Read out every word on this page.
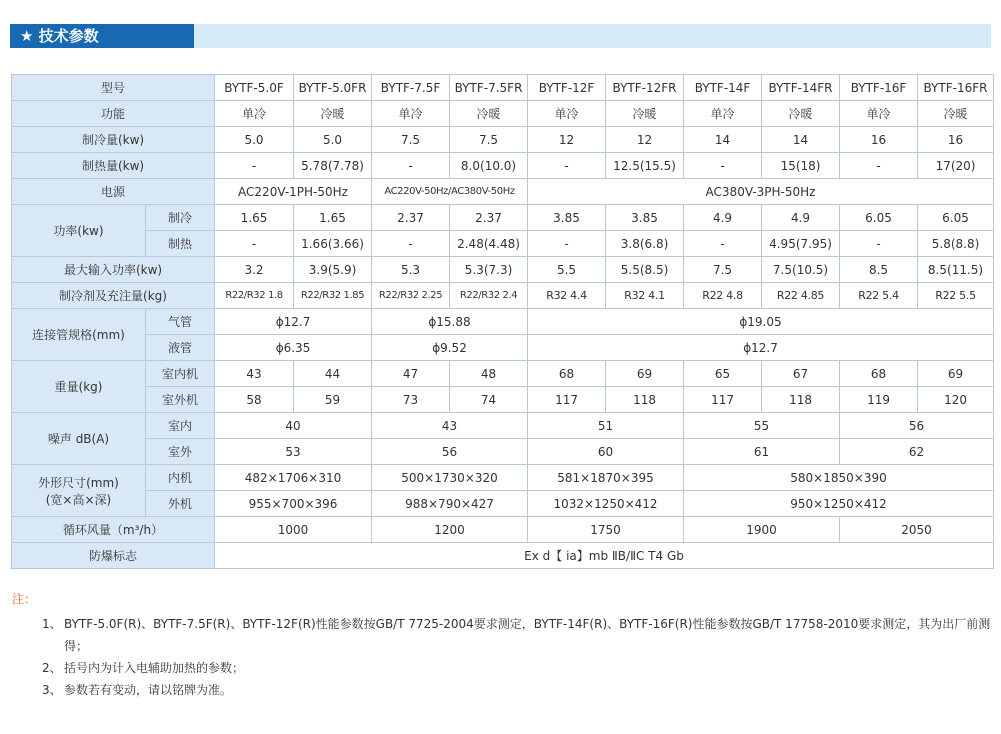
★ 技术参数
型号		BYTF-5.0F	BYTF-5.0FR	BYTF-7.5F	BYTF-7.5FR	BYTF-12F	BYTF-12FR	BYTF-14F	BYTF-14FR	BYTF-16F	BYTF-16FR
功能		单冷	冷暖	单冷	冷暖	单冷	冷暖	单冷	冷暖	单冷	冷暖
制冷量(kw)		5.0	5.0	7.5	7.5	12	12	14	14	16	16
制热量(kw)		-	5.78(7.78)	-	8.0(10.0)	-	12.5(15.5)	-	15(18)	-	17(20)
电源		AC220V-1PH-50Hz		AC220V-50Hz/AC380V-50Hz		AC380V-3PH-50Hz					
功率(kw)	制冷	1.65	1.65	2.37	2.37	3.85	3.85	4.9	4.9	6.05	6.05
	制热	-	1.66(3.66)	-	2.48(4.48)	-	3.8(6.8)	-	4.95(7.95)	-	5.8(8.8)
最大输入功率(kw)		3.2	3.9(5.9)	5.3	5.3(7.3)	5.5	5.5(8.5)	7.5	7.5(10.5)	8.5	8.5(11.5)
制冷剂及充注量(kg)		R22/R32 1.8	R22/R32 1.85	R22/R32 2.25	R22/R32 2.4	R32 4.4	R32 4.1	R22 4.8	R22 4.85	R22 5.4	R22 5.5
连接管规格(mm)	气管	ϕ12.7		ϕ15.88		ϕ19.05					
	液管	ϕ6.35		ϕ9.52		ϕ12.7					
重量(kg)	室内机	43	44	47	48	68	69	65	67	68	69
	室外机	58	59	73	74	117	118	117	118	119	120
噪声 dB(A)	室内	40		43		51		55		56	
	室外	53		56		60		61		62	

外形尺寸(mm)
(宽×高×深)	内机	482×1706×310		500×1730×320		581×1870×395		580×1850×390			
	外机	955×700×396		988×790×427		1032×1250×412		950×1250×412			
循环风量（m³/h）		1000		1200		1750		1900		2050	
防爆标志		Ex d【 ia】mb ⅡB/ⅡC T4 Gb									
注：
1、 BYTF-5.0F(R)、BYTF-7.5F(R)、BYTF-12F(R)性能参数按GB/T 7725-2004要求测定，BYTF-14F(R)、BYTF-16F(R)性能参数按GB/T 17758-2010要求测定，其为出厂前测得；
2、 括号内为计入电辅助加热的参数；
3、 参数若有变动，请以铭牌为准。
